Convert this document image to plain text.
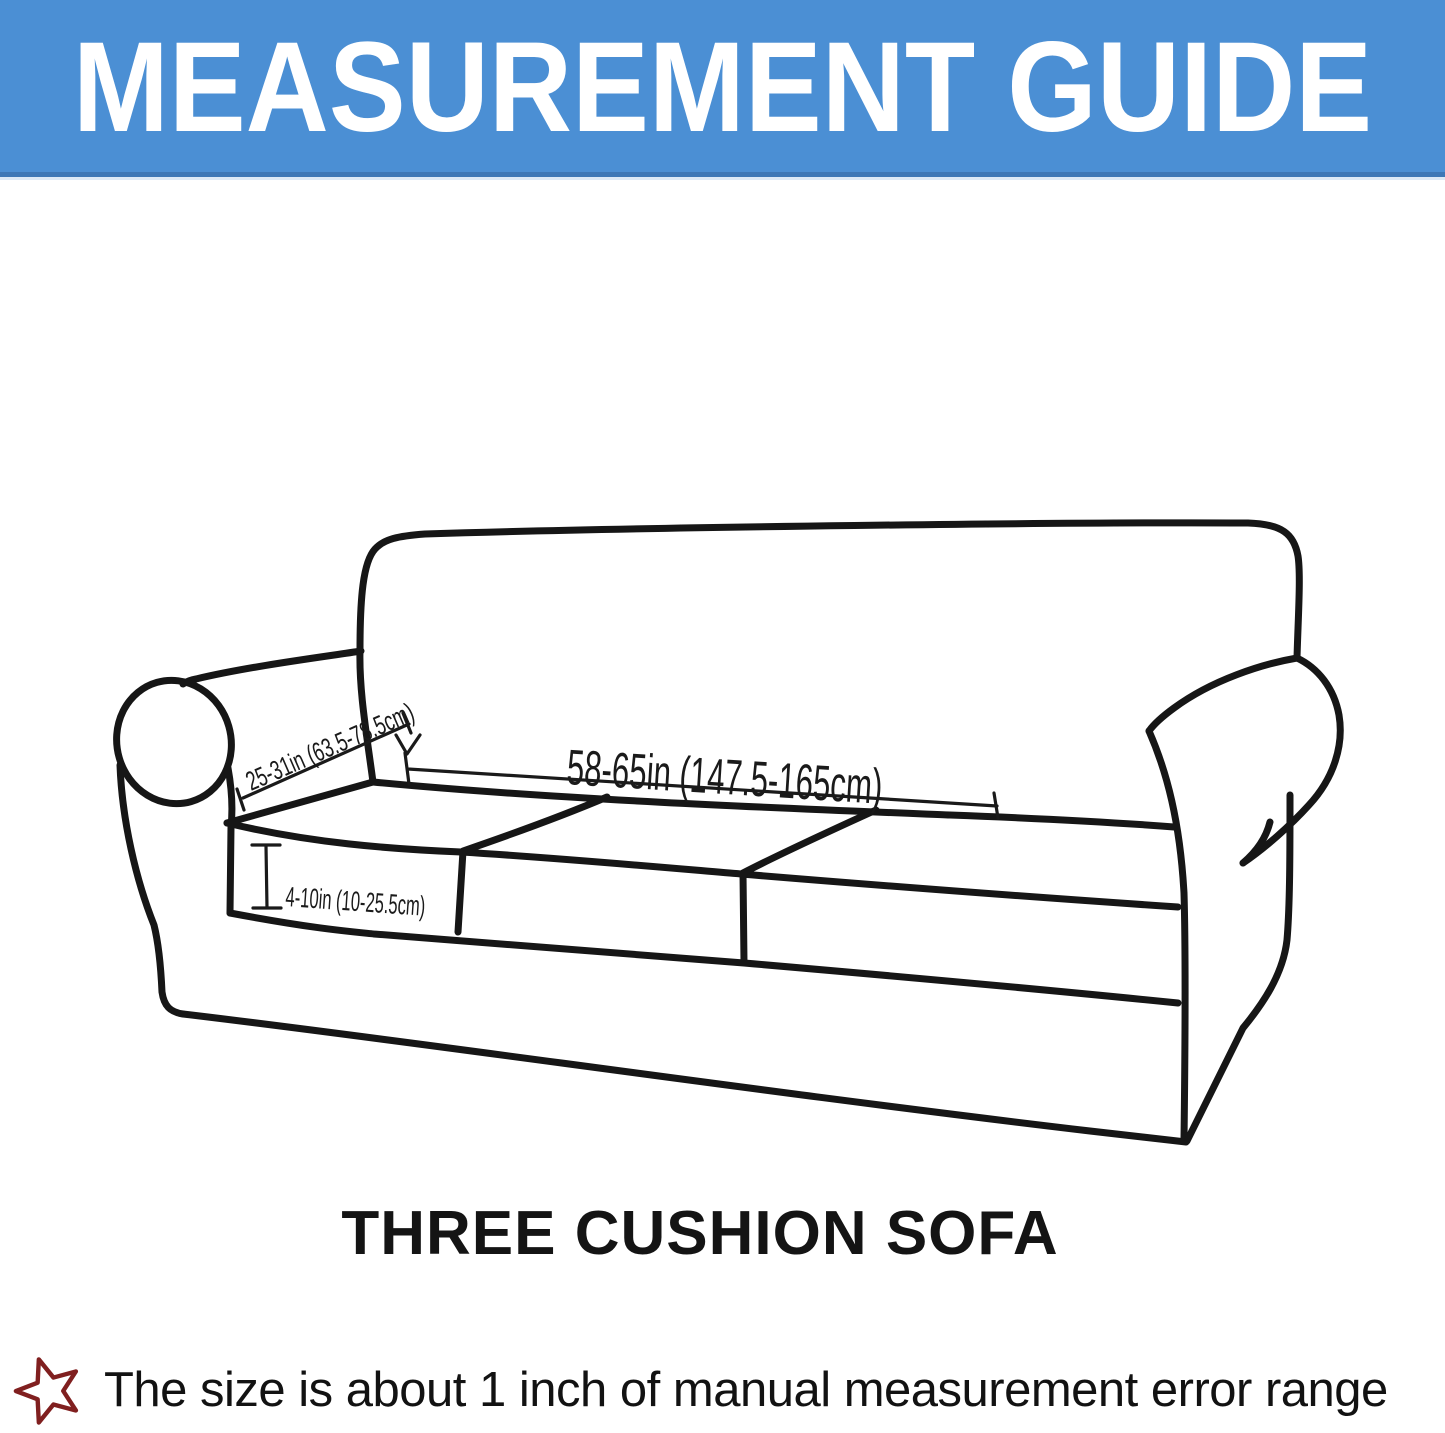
MEASUREMENT GUIDE
58-65in (147.5-165cm)
25-31in (63.5-78.5cm)
4-10in (10-25.5cm)
THREE CUSHION SOFA
The size is about 1 inch of manual measurement error range
